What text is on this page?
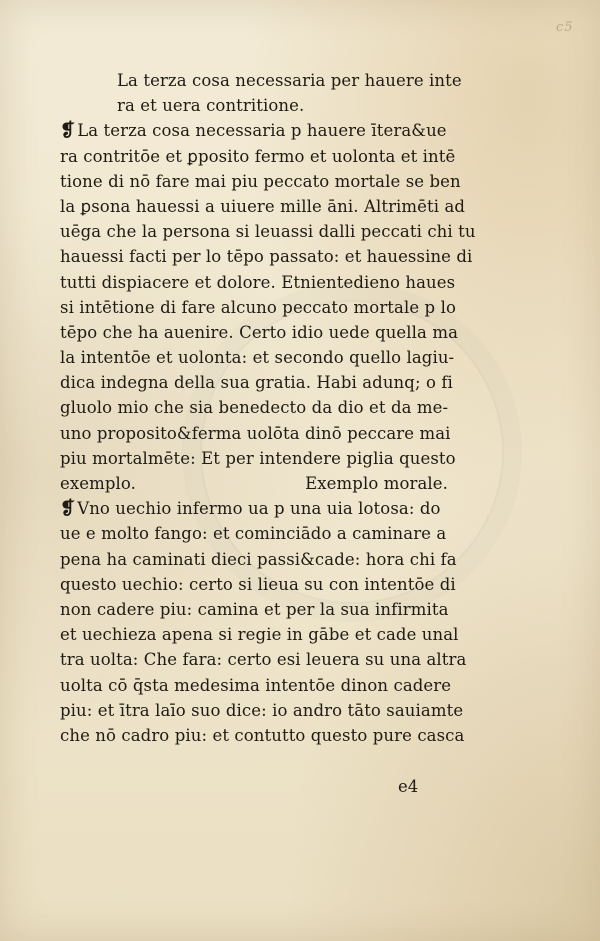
c5
La terza cosa necessaria per hauere inte
ra et uera contritione.
❡ La terza cosa necessaria p hauere ītera&ue
ra contritōe et ꝑposito fermo et uolonta et intē
tione di nō fare mai piu peccato mortale se ben
la ꝑsona hauessi a uiuere mille āni. Altrimēti ad
uēga che la persona si leuassi dalli peccati chi tu
hauessi facti per lo tēpo passato: et hauessine di
tutti dispiacere et dolore. Etnientedieno haues
si intētione di fare alcuno peccato mortale p lo
tēpo che ha auenire. Certo idio uede quella ma
la intentōe et uolonta: et secondo quello lagiu-
dica indegna della sua gratia. Habi adunq; o fi
gluolo mio che sia benedecto da dio et da me-
uno proposito&ferma uolōta dinō peccare mai
piu mortalmēte: Et per intendere piglia questo
exemplo.	Exemplo morale.
❡ Vno uechio infermo ua p una uia lotosa: do
ue e molto fango: et cominciādo a caminare a
pena ha caminati dieci passi&cade: hora chi fa
questo uechio: certo si lieua su con intentōe di
non cadere piu: camina et per la sua infirmita
et uechieza apena si regie in gābe et cade unal
tra uolta: Che fara: certo esi leuera su una altra
uolta cō q̄sta medesima intentōe dinon cadere
piu: et ītra laīo suo dice: io andro tāto sauiamte
che nō cadro piu: et contutto questo pure casca
e4
